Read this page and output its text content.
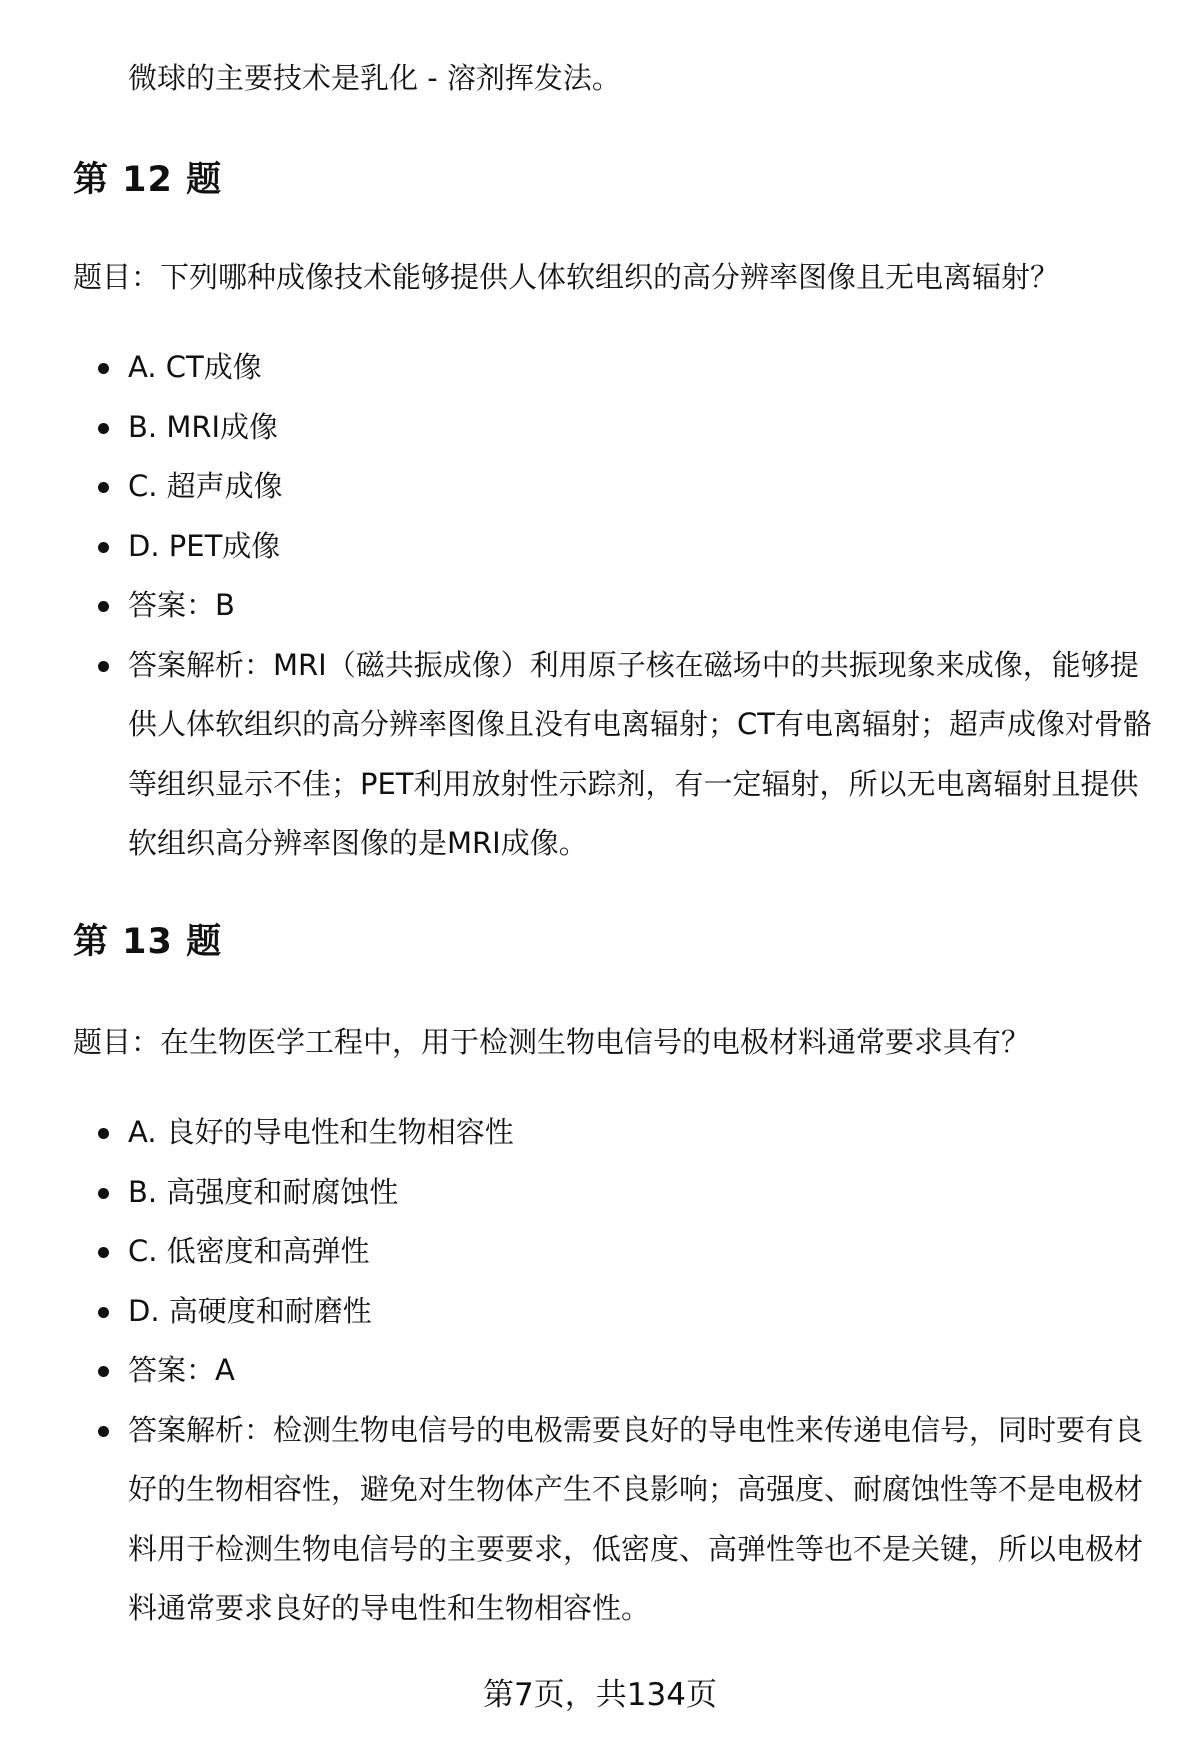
微球的主要技术是乳化 - 溶剂挥发法。
第 12 题
题目：下列哪种成像技术能够提供人体软组织的高分辨率图像且无电离辐射？
A. CT成像
B. MRI成像
C. 超声成像
D. PET成像
答案：B
答案解析：MRI（磁共振成像）利用原子核在磁场中的共振现象来成像，能够提供人体软组织的高分辨率图像且没有电离辐射；CT有电离辐射；超声成像对骨骼等组织显示不佳；PET利用放射性示踪剂，有一定辐射，所以无电离辐射且提供软组织高分辨率图像的是MRI成像。
第 13 题
题目：在生物医学工程中，用于检测生物电信号的电极材料通常要求具有？
A. 良好的导电性和生物相容性
B. 高强度和耐腐蚀性
C. 低密度和高弹性
D. 高硬度和耐磨性
答案：A
答案解析：检测生物电信号的电极需要良好的导电性来传递电信号，同时要有良好的生物相容性，避免对生物体产生不良影响；高强度、耐腐蚀性等不是电极材料用于检测生物电信号的主要要求，低密度、高弹性等也不是关键，所以电极材料通常要求良好的导电性和生物相容性。
第7页，共134页
